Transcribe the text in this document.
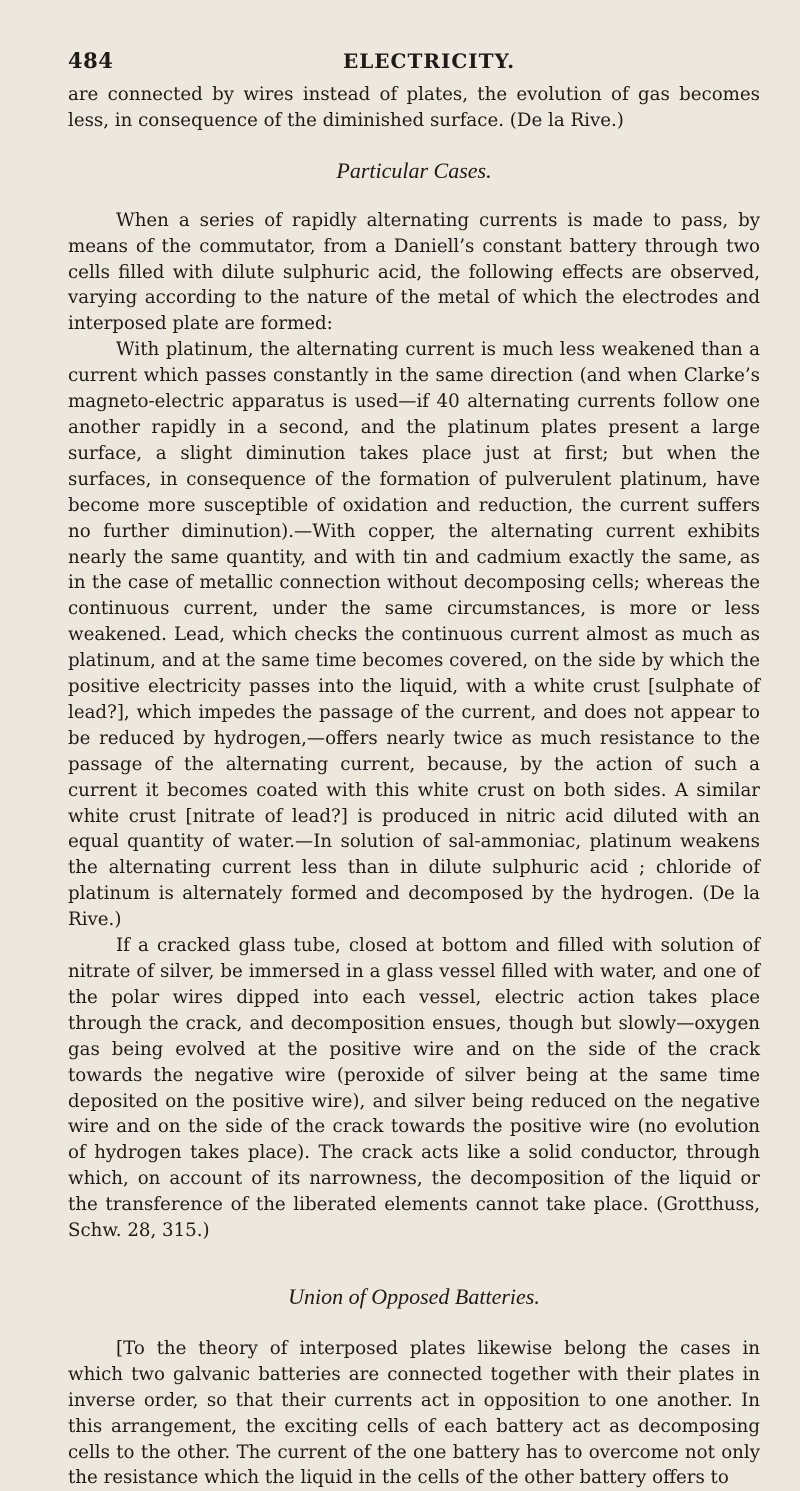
484	ELECTRICITY.

are connected by wires instead of plates, the evolution of gas becomes less, in consequence of the diminished surface. (De la Rive.)

Particular Cases.

When a series of rapidly alternating currents is made to pass, by means of the commutator, from a Daniell’s constant battery through two cells filled with dilute sulphuric acid, the following effects are observed, varying according to the nature of the metal of which the electrodes and interposed plate are formed:

With platinum, the alternating current is much less weakened than a current which passes constantly in the same direction (and when Clarke’s magneto-electric apparatus is used—if 40 alternating currents follow one another rapidly in a second, and the platinum plates present a large surface, a slight diminution takes place just at first; but when the surfaces, in consequence of the formation of pulverulent platinum, have become more susceptible of oxidation and reduction, the current suffers no further diminution).—With copper, the alternating current exhibits nearly the same quantity, and with tin and cadmium exactly the same, as in the case of metallic connection without decomposing cells; whereas the continuous current, under the same circumstances, is more or less weakened. Lead, which checks the continuous current almost as much as platinum, and at the same time becomes covered, on the side by which the positive electricity passes into the liquid, with a white crust [sulphate of lead?], which impedes the passage of the current, and does not appear to be reduced by hydrogen,—offers nearly twice as much resistance to the passage of the alternating current, because, by the action of such a current it becomes coated with this white crust on both sides. A similar white crust [nitrate of lead?] is produced in nitric acid diluted with an equal quantity of water.—In solution of sal-ammoniac, platinum weakens the alternating current less than in dilute sulphuric acid ; chloride of platinum is alternately formed and decomposed by the hydrogen. (De la Rive.)

If a cracked glass tube, closed at bottom and filled with solution of nitrate of silver, be immersed in a glass vessel filled with water, and one of the polar wires dipped into each vessel, electric action takes place through the crack, and decomposition ensues, though but slowly—oxygen gas being evolved at the positive wire and on the side of the crack towards the negative wire (peroxide of silver being at the same time deposited on the positive wire), and silver being reduced on the negative wire and on the side of the crack towards the positive wire (no evolution of hydrogen takes place). The crack acts like a solid conductor, through which, on account of its narrowness, the decomposition of the liquid or the transference of the liberated elements cannot take place. (Grotthuss, Schw. 28, 315.)

Union of Opposed Batteries.

[To the theory of interposed plates likewise belong the cases in which two galvanic batteries are connected together with their plates in inverse order, so that their currents act in opposition to one another. In this arrangement, the exciting cells of each battery act as decomposing cells to the other. The current of the one battery has to overcome not only the resistance which the liquid in the cells of the other battery offers to
